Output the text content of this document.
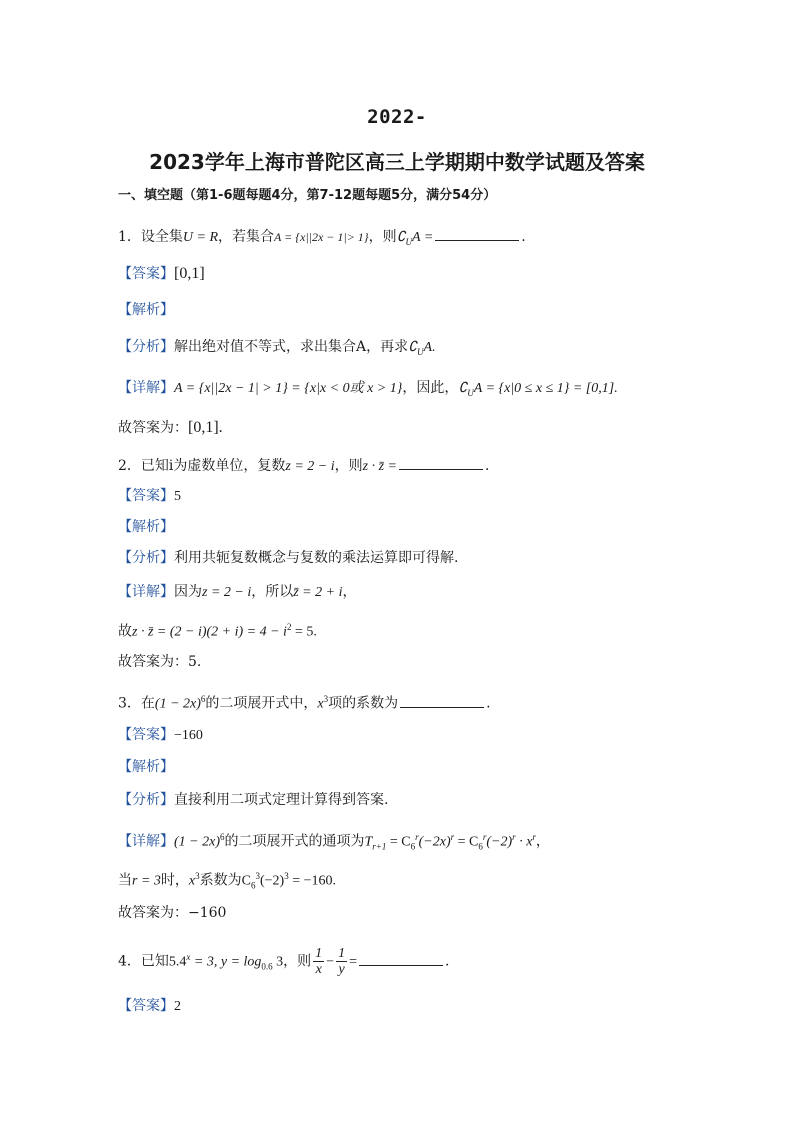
2022-
2023学年上海市普陀区高三上学期期中数学试题及答案
一、填空题（第1-6题每题4分，第7-12题每题5分，满分54分）
1．设全集U = R，若集合A = {x||2x − 1|> 1}，则$∁_UA$ =	.
【答案】[0,1]
【解析】
【分析】解出绝对值不等式，求出集合A，再求$∁_UA$.
【详解】A = {x||2x − 1| > 1} = {x|x < 0或 x > 1}，因此，$∁_UA = \{x|0 \le x \le 1\} = [0,1]$.
故答案为：[0,1].
2．已知i为虚数单位，复数z = 2 − i，则z · z̄ =	.
【答案】5
【解析】
【分析】利用共轭复数概念与复数的乘法运算即可得解.
【详解】因为z = 2 − i，所以z̄ = 2 + i，
故z · z̄ = $(2 - i)(2 + i) = 4 - i^2 = 5$.
故答案为：5.
3．在$(1 - 2x)^6$的二项展开式中，$x^3$项的系数为	.
【答案】−160
【解析】
【分析】直接利用二项式定理计算得到答案.
【详解】$(1 - 2x)^6$的二项展开式的通项为$T_{r+1} = C_6^r(-2x)^r = C_6^r(-2)^r \cdot x^r$，
当r = 3时，$x^3$系数为$C_6^3(-2)^3 = -160$.
故答案为：−160
4．已知$5.4^x = 3$, $y = \log_{0.6} 3$，则 $\frac{1}{x} - \frac{1}{y}$ =	.
【答案】2
